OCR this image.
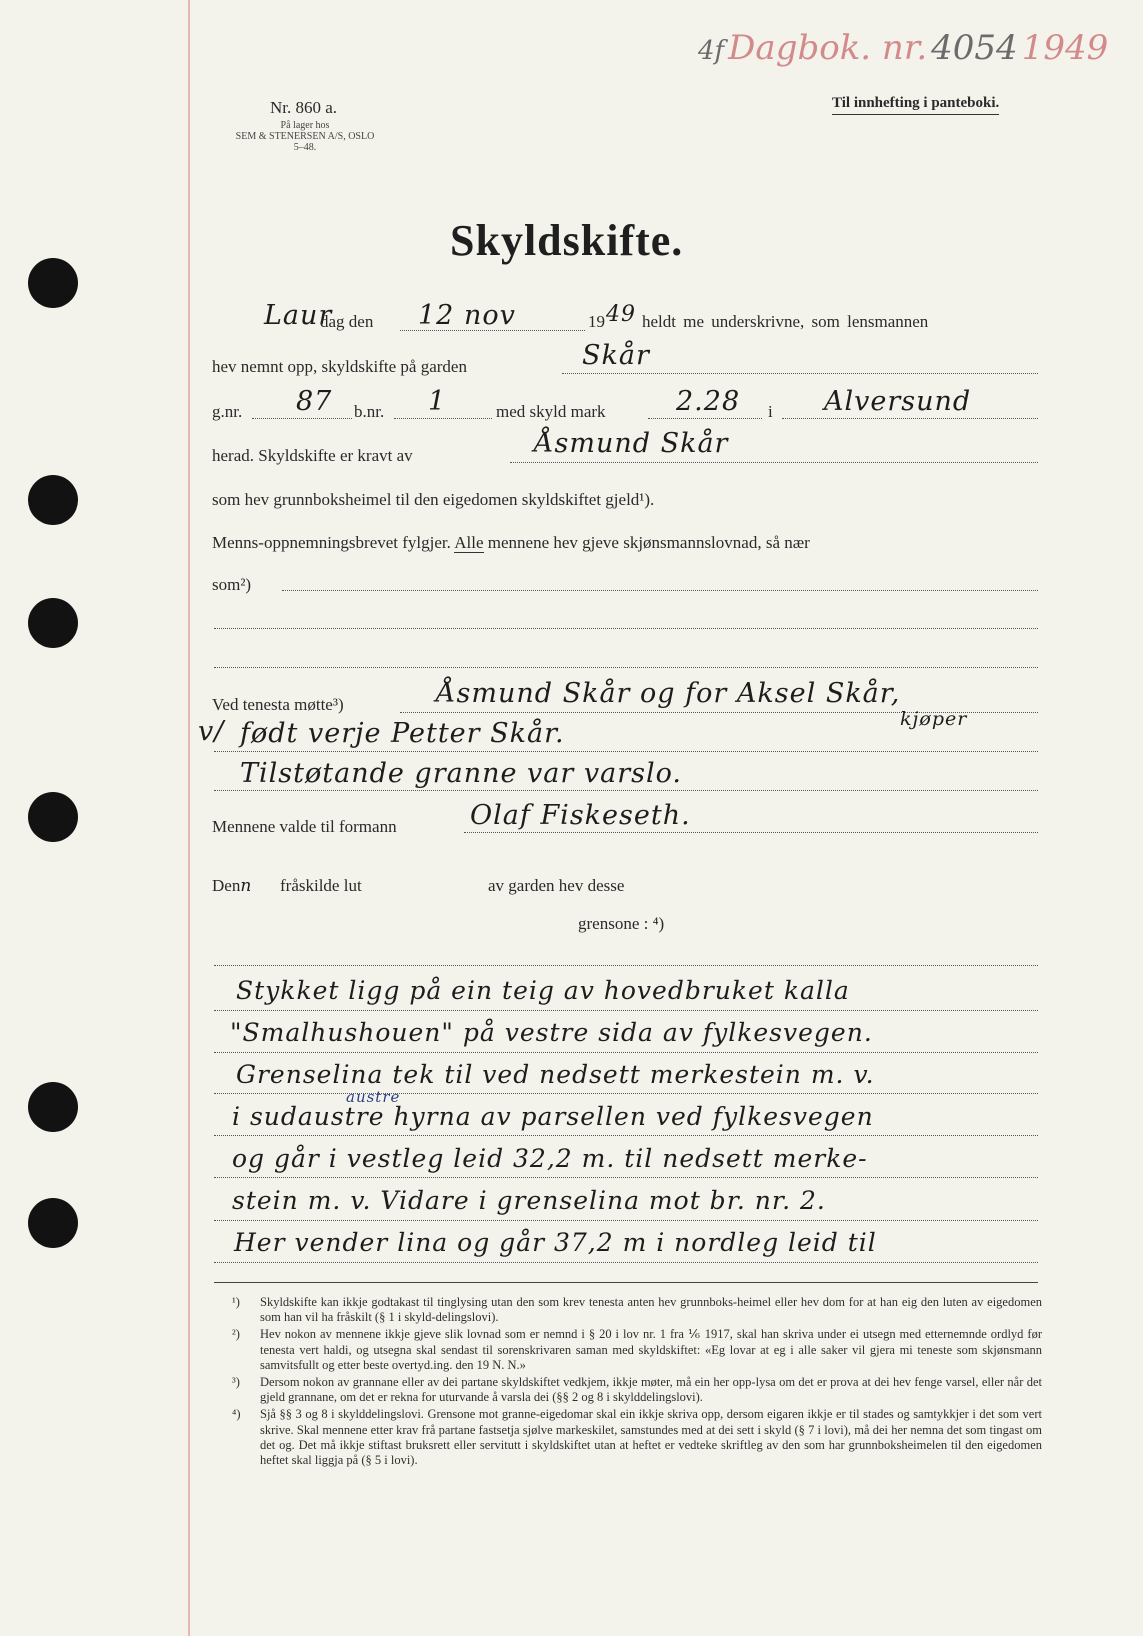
4f Dagbok. nr. 4054 1949
Nr. 860 a.
På lager hos
SEM & STENERSEN A/S, OSLO
5–48.
Til innhefting i panteboki.
Skyldskifte.
Laur
dag den 12 nov	19 49 heldt me underskrivne, som lensmannen
hev nemnt opp, skyldskifte på garden	Skår
g.nr. 87 b.nr. 1	med skyld mark	2.28 i Alversund
herad. Skyldskifte er kravt av	Åsmund Skår
som hev grunnboksheimel til den eigedomen skyldskiftet gjeld¹).
Menns-oppnemningsbrevet fylgjer. Alle mennene hev gjeve skjønsmannslovnad, så nær
som²)
Ved tenesta møtte³)	Åsmund Skår og for Aksel Skår,
kjøper
v/ født verje Petter Skår.
Tilstøtande granne var varslo.
Mennene valde til formann	Olaf Fiskeseth.
Denn fråskilde lut	av garden hev desse
grensone : ⁴)
Stykket ligg på ein teig av hovedbruket kalla
"Smalhushouen" på vestre sida av fylkesvegen.
Grenselina tek til ved nedsett merkestein m. v.
austre
i sudaustre hyrna av parsellen ved fylkesvegen
og går i vestleg leid 32,2 m. til nedsett merke-
stein m. v. Vidare i grenselina mot br. nr. 2.
Her vender lina og går 37,2 m i nordleg leid til

¹) Skyldskifte kan ikkje godtakast til tinglysing utan den som krev tenesta anten hev grunnboks-heimel eller hev dom for at han eig den luten av eigedomen som han vil ha fråskilt (§ 1 i skyld-delingslovi).

²) Hev nokon av mennene ikkje gjeve slik lovnad som er nemnd i § 20 i lov nr. 1 fra ⅙ 1917, skal han skriva under ei utsegn med etternemnde ordlyd før tenesta vert haldi, og utsegna skal sendast til sorenskrivaren saman med skyldskiftet: «Eg lovar at eg i alle saker vil gjera mi teneste som skjønsmann samvitsfullt og etter beste overtyd.ing. den 19 N. N.»

³) Dersom nokon av grannane eller av dei partane skyldskiftet vedkjem, ikkje møter, må ein her opp-lysa om det er prova at dei hev fenge varsel, eller når det gjeld grannane, om det er rekna for uturvande å varsla dei (§§ 2 og 8 i skylddelingslovi).

⁴) Sjå §§ 3 og 8 i skylddelingslovi. Grensone mot granne-eigedomar skal ein ikkje skriva opp, dersom eigaren ikkje er til stades og samtykkjer i det som vert skrive. Skal mennene etter krav frå partane fastsetja sjølve markeskilet, samstundes med at dei sett i skyld (§ 7 i lovi), må dei her nemna det som tingast om det og. Det må ikkje stiftast bruksrett eller servitutt i skyldskiftet utan at heftet er vedteke skriftleg av den som har grunnboksheimelen til den eigedomen heftet skal liggja på (§ 5 i lovi).
